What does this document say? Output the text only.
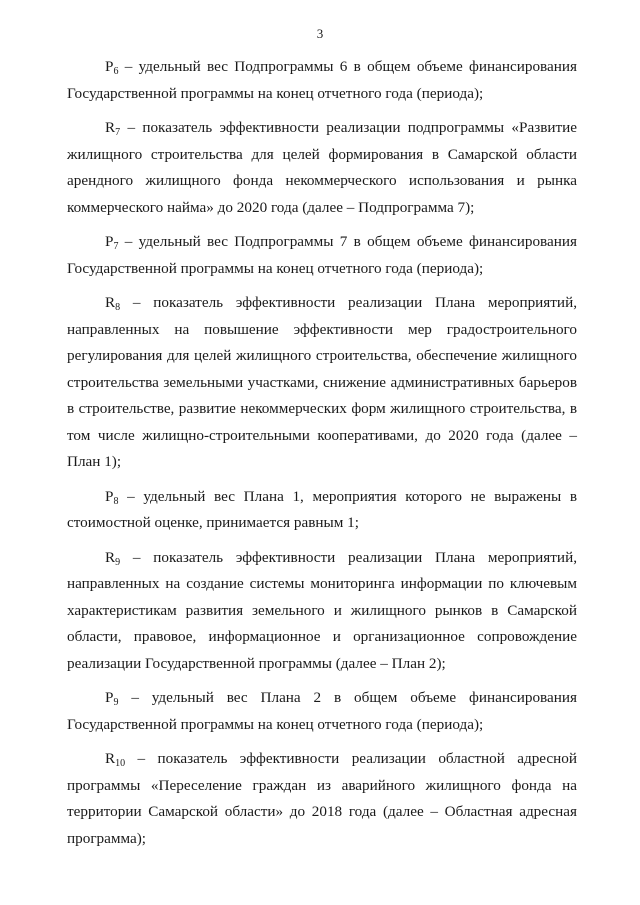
3

$P_6$ – удельный вес Подпрограммы 6 в общем объеме финансирования Государственной программы на конец отчетного года (периода);

$R_7$ – показатель эффективности реализации подпрограммы «Развитие жилищного строительства для целей формирования в Самарской области арендного жилищного фонда некоммерческого использования и рынка коммерческого найма» до 2020 года (далее – Подпрограмма 7);

$P_7$ – удельный вес Подпрограммы 7 в общем объеме финансирования Государственной программы на конец отчетного года (периода);

$R_8$ – показатель эффективности реализации Плана мероприятий, направленных на повышение эффективности мер градостроительного регулирования для целей жилищного строительства, обеспечение жилищного строительства земельными участками, снижение административных барьеров в строительстве, развитие некоммерческих форм жилищного строительства, в том числе жилищно-строительными кооперативами, до 2020 года (далее – План 1);

$P_8$ – удельный вес Плана 1, мероприятия которого не выражены в стоимостной оценке, принимается равным 1;

$R_9$ – показатель эффективности реализации Плана мероприятий, направленных на создание системы мониторинга информации по ключевым характеристикам развития земельного и жилищного рынков в Самарской области, правовое, информационное и организационное сопровождение реализации Государственной программы (далее – План 2);

$P_9$ – удельный вес Плана 2 в общем объеме финансирования Государственной программы на конец отчетного года (периода);

$R_{10}$ – показатель эффективности реализации областной адресной программы «Переселение граждан из аварийного жилищного фонда на территории Самарской области» до 2018 года (далее – Областная адресная программа);
